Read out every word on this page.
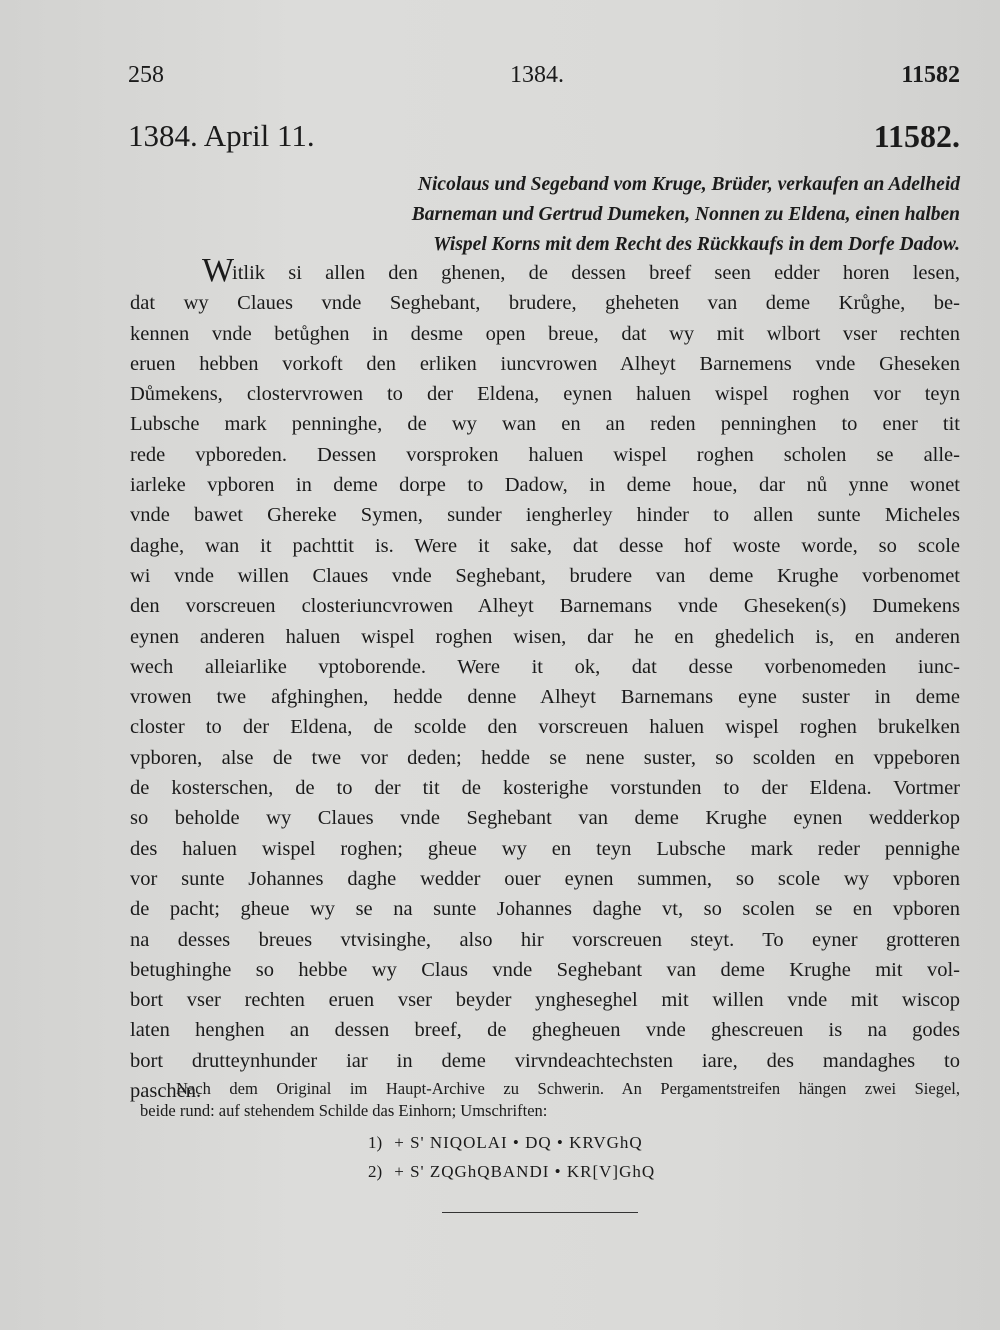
258	1384.	11582
1384. April 11.	11582.
Nicolaus und Segeband vom Kruge, Brüder, verkaufen an Adelheid
Barneman und Gertrud Dumeken, Nonnen zu Eldena, einen halben
Wispel Korns mit dem Recht des Rückkaufs in dem Dorfe Dadow.
W
itlik si allen den ghenen, de dessen breef seen edder horen lesen,
dat wy Claues vnde Seghebant, brudere, gheheten van deme Krůghe, be-
kennen vnde betůghen in desme open breue, dat wy mit wlbort vser rechten
eruen hebben vorkoft den erliken iuncvrowen Alheyt Barnemens vnde Gheseken
Důmekens, clostervrowen to der Eldena, eynen haluen wispel roghen vor teyn
Lubsche mark penninghe, de wy wan en an reden penninghen to ener tit
rede vpboreden. Dessen vorsproken haluen wispel roghen scholen se alle-
iarleke vpboren in deme dorpe to Dadow, in deme houe, dar nů ynne wonet
vnde bawet Ghereke Symen, sunder iengherley hinder to allen sunte Micheles
daghe, wan it pachttit is. Were it sake, dat desse hof woste worde, so scole
wi vnde willen Claues vnde Seghebant, brudere van deme Krughe vorbenomet
den vorscreuen closteriuncvrowen Alheyt Barnemans vnde Gheseken(s) Dumekens
eynen anderen haluen wispel roghen wisen, dar he en ghedelich is, en anderen
wech alleiarlike vptoborende. Were it ok, dat desse vorbenomeden iunc-
vrowen twe afghinghen, hedde denne Alheyt Barnemans eyne suster in deme
closter to der Eldena, de scolde den vorscreuen haluen wispel roghen brukelken
vpboren, alse de twe vor deden; hedde se nene suster, so scolden en vppeboren
de kosterschen, de to der tit de kosterighe vorstunden to der Eldena. Vortmer
so beholde wy Claues vnde Seghebant van deme Krughe eynen wedderkop
des haluen wispel roghen; gheue wy en teyn Lubsche mark reder pennighe
vor sunte Johannes daghe wedder ouer eynen summen, so scole wy vpboren
de pacht; gheue wy se na sunte Johannes daghe vt, so scolen se en vpboren
na desses breues vtvisinghe, also hir vorscreuen steyt. To eyner grotteren
betughinghe so hebbe wy Claus vnde Seghebant van deme Krughe mit vol-
bort vser rechten eruen vser beyder yngheseghel mit willen vnde mit wiscop
laten henghen an dessen breef, de ghegheuen vnde ghescreuen is na godes
bort drutteynhunder iar in deme virvndeachtechsten iare, des mandaghes to
paschen.
Nach dem Original im Haupt-Archive zu Schwerin. An Pergamentstreifen hängen zwei Siegel,
beide rund: auf stehendem Schilde das Einhorn; Umschriften:
1) + S' NIQOLAI • DQ • KRVGhQ
2) + S' ZQGhQBANDI • KR[V]GhQ
